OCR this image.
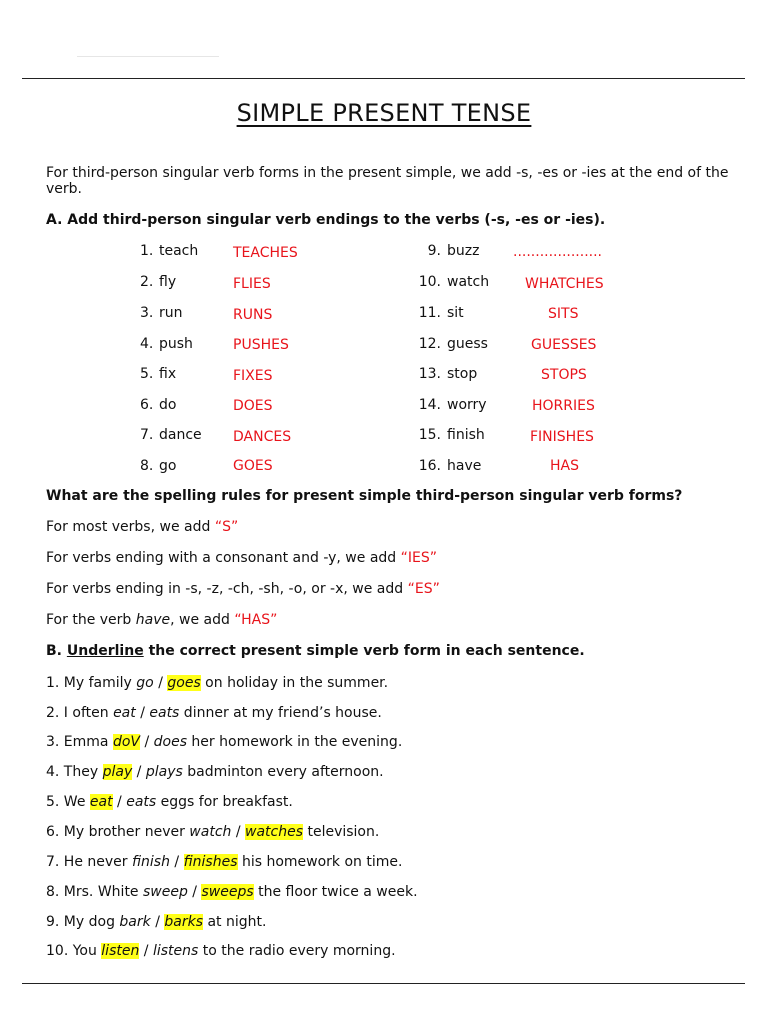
SIMPLE PRESENT TENSE
For third-person singular verb forms in the present simple, we add -s, -es or -ies at the end of the verb.
A. Add third-person singular verb endings to the verbs (-s, -es or -ies).
1. teach TEACHES
2. fly	FLIES
3. run	RUNS
4. push	PUSHES
5. fix	FIXES
6. do	DOES
7. dance DANCES
8. go	GOES
9. buzz ....................
10. watch	WHATCHES
11. sit	SITS
12. guess	GUESSES
13. stop	STOPS
14. worry	HORRIES
15. finish	FINISHES
16. have	HAS
What are the spelling rules for present simple third-person singular verb forms?
For most verbs, we add “S”
For verbs ending with a consonant and -y, we add “IES”
For verbs ending in -s, -z, -ch, -sh, -o, or -x, we add “ES”
For the verb have, we add “HAS”
B. Underline the correct present simple verb form in each sentence.
1. My family go / goes on holiday in the summer.
2. I often eat / eats dinner at my friend’s house.
3. Emma doV / does her homework in the evening.
4. They play / plays badminton every afternoon.
5. We eat / eats eggs for breakfast.
6. My brother never watch / watches television.
7. He never finish / finishes his homework on time.
8. Mrs. White sweep / sweeps the floor twice a week.
9. My dog bark / barks at night.
10. You listen / listens to the radio every morning.
